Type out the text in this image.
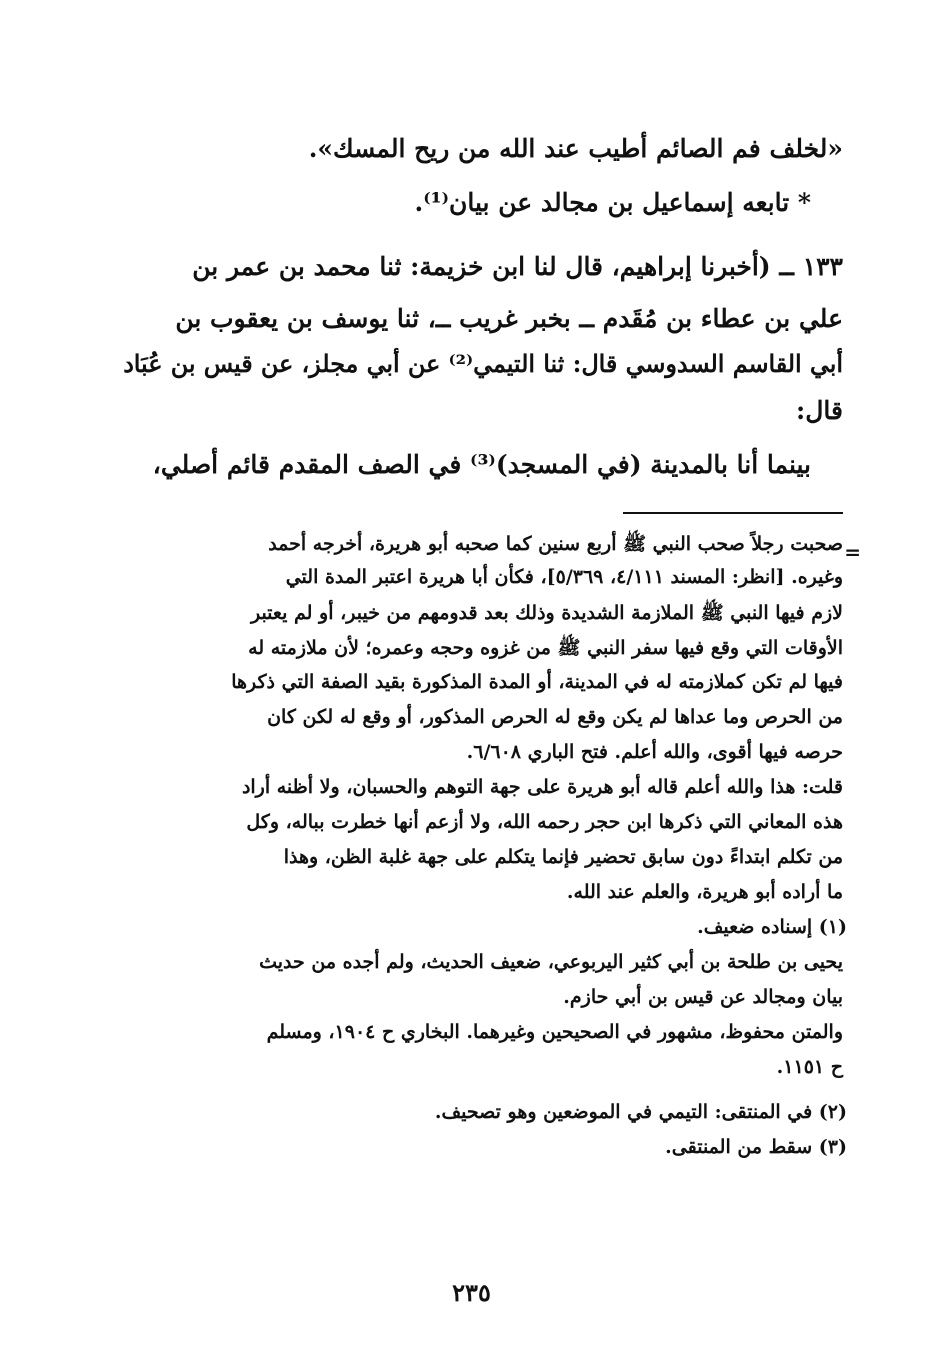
«لخلف فم الصائم أطيب عند الله من ريح المسك».

* تابعه إسماعيل بن مجالد عن بيان⁽¹⁾.

١٣٣ ــ (أخبرنا إبراهيم، قال لنا ابن خزيمة: ثنا محمد بن عمر بن

علي بن عطاء بن مُقَدم ــ بخبر غريب ــ، ثنا يوسف بن يعقوب بن

أبي القاسم السدوسي قال: ثنا التيمي⁽²⁾ عن أبي مجلز، عن قيس بن عُبَاد

قال:

بينما أنا بالمدينة (في المسجد)⁽³⁾ في الصف المقدم قائم أصلي،

=

صحبت رجلاً صحب النبي ﷺ أربع سنين كما صحبه أبو هريرة، أخرجه أحمد

وغيره. [انظر: المسند ٤/١١١، ٥/٣٦٩]، فكأن أبا هريرة اعتبر المدة التي

لازم فيها النبي ﷺ الملازمة الشديدة وذلك بعد قدومهم من خيبر، أو لم يعتبر

الأوقات التي وقع فيها سفر النبي ﷺ من غزوه وحجه وعمره؛ لأن ملازمته له

فيها لم تكن كملازمته له في المدينة، أو المدة المذكورة بقيد الصفة التي ذكرها

من الحرص وما عداها لم يكن وقع له الحرص المذكور، أو وقع له لكن كان

حرصه فيها أقوى، والله أعلم. فتح الباري ٦/٦٠٨.

قلت: هذا والله أعلم قاله أبو هريرة على جهة التوهم والحسبان، ولا أظنه أراد

هذه المعاني التي ذكرها ابن حجر رحمه الله، ولا أزعم أنها خطرت بباله، وكل

من تكلم ابتداءً دون سابق تحضير فإنما يتكلم على جهة غلبة الظن، وهذا

ما أراده أبو هريرة، والعلم عند الله.

(١) إسناده ضعيف.

يحيى بن طلحة بن أبي كثير اليربوعي، ضعيف الحديث، ولم أجده من حديث

بيان ومجالد عن قيس بن أبي حازم.

والمتن محفوظ، مشهور في الصحيحين وغيرهما. البخاري ح ١٩٠٤، ومسلم

ح ١١٥١.

(٢) في المنتقى: التيمي في الموضعين وهو تصحيف.

(٣) سقط من المنتقى.

٢٣٥
